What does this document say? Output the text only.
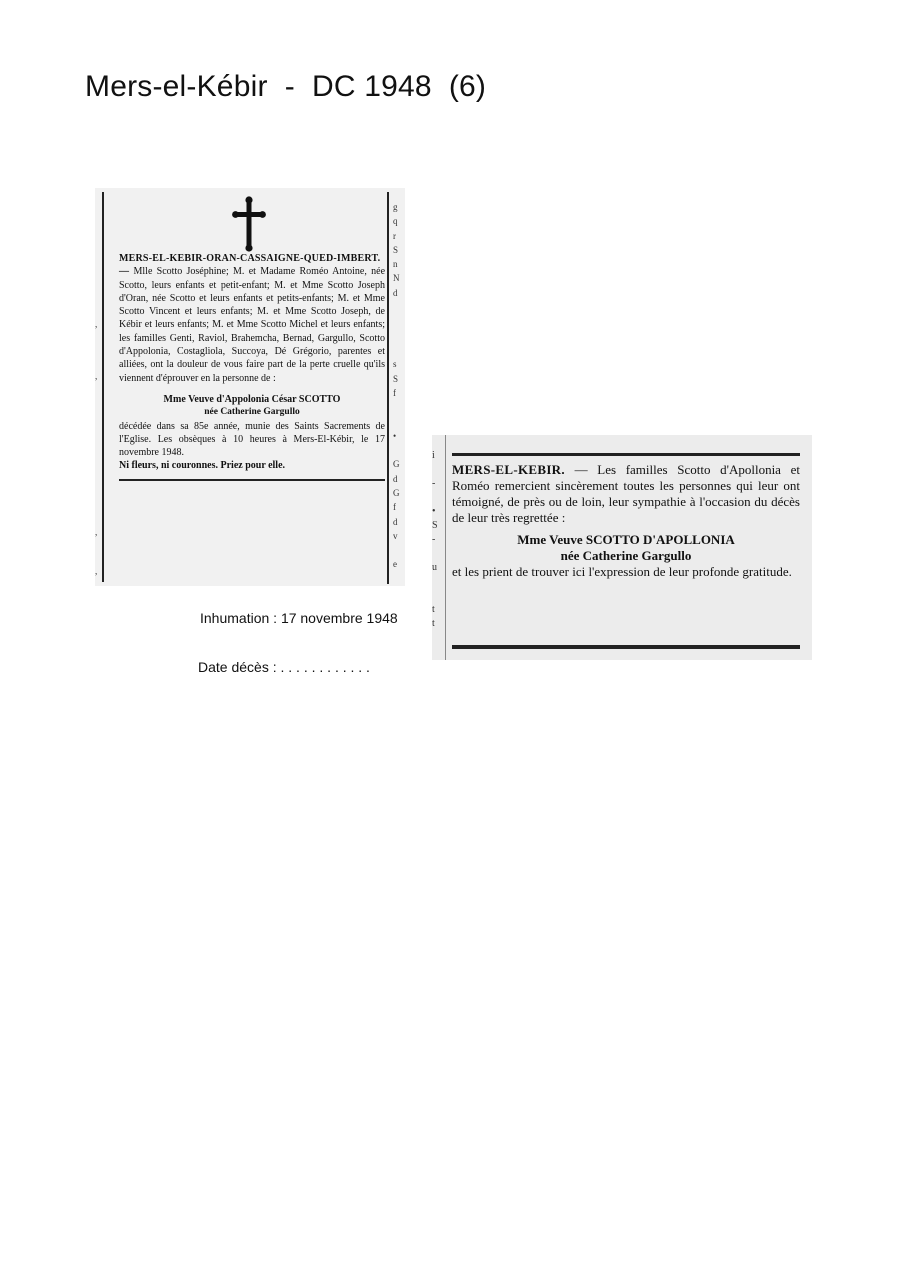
Mers-el-Kébir  -  DC 1948  (6)

,

,

,

,

g
q
r
S
n
N
d

s
S
f

•

G
d
G
f
d
v

e

MERS-EL-KEBIR-ORAN-CASSAIGNE-QUED-IMBERT. — Mlle Scotto Joséphine; M. et Madame Roméo Antoine, née Scotto, leurs enfants et petit-enfant; M. et Mme Scotto Joseph d'Oran, née Scotto et leurs enfants et petits-enfants; M. et Mme Scotto Vincent et leurs enfants; M. et Mme Scotto Joseph, de Kébir et leurs enfants; M. et Mme Scotto Michel et leurs enfants; les familles Genti, Raviol, Brahemcha, Bernad, Gargullo, Scotto d'Appolonia, Costagliola, Succoya, Dé Grégorio, parentes et alliées, ont la douleur de vous faire part de la perte cruelle qu'ils viennent d'éprouver en la personne de :

Mme Veuve d'Appolonia César SCOTTO

née Catherine Gargullo

décédée dans sa 85e année, munie des Saints Sacrements de l'Eglise. Les obsèques à 10 heures à Mers-El-Kébir, le 17 novembre 1948.

Ni fleurs, ni couronnes. Priez pour elle.

Inhumation : 17 novembre 1948
Date décès : . . . . . . . . . . . .

i

-

•
S
-

u

t
t

MERS-EL-KEBIR. — Les familles Scotto d'Apollonia et Roméo remercient sincèrement toutes les personnes qui leur ont témoigné, de près ou de loin, leur sympathie à l'occasion du décès de leur très regrettée :

Mme Veuve SCOTTO D'APOLLONIA

née Catherine Gargullo

et les prient de trouver ici l'expression de leur profonde gratitude.
